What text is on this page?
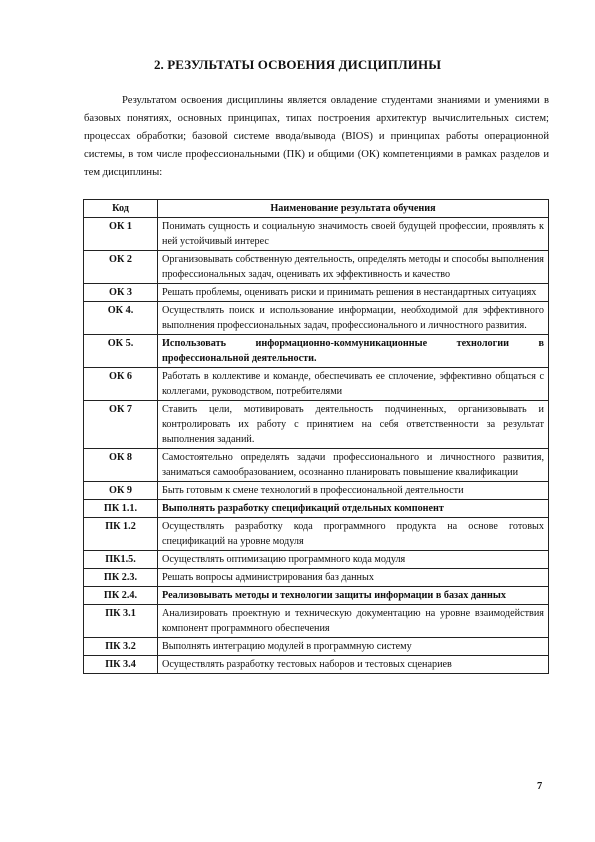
2. РЕЗУЛЬТАТЫ ОСВОЕНИЯ ДИСЦИПЛИНЫ

Результатом освоения дисциплины является овладение студентами знаниями и умениями в базовых понятиях, основных принципах, типах построения архитектур вычислительных систем; процессах обработки; базовой системе ввода/вывода (BIOS) и принципах работы операционной системы, в том числе профессиональными (ПК) и общими (ОК) компетенциями в рамках разделов и тем дисциплины:

Код	Наименование результата обучения
ОК 1	Понимать сущность и социальную значимость своей будущей профессии, проявлять к ней устойчивый интерес
ОК 2	Организовывать собственную деятельность, определять методы и способы выполнения профессиональных задач, оценивать их эффективность и качество
ОК 3	Решать проблемы, оценивать риски и принимать решения в нестандартных ситуациях
ОК 4.	Осуществлять поиск и использование информации, необходимой для эффективного выполнения профессиональных задач, профессионального и личностного развития.
ОК 5.	Использовать информационно-коммуникационные технологии в профессиональной деятельности.
ОК 6	Работать в коллективе и команде, обеспечивать ее сплочение, эффективно общаться с коллегами, руководством, потребителями
ОК 7	Ставить цели, мотивировать деятельность подчиненных, организовывать и контролировать их работу с принятием на себя ответственности за результат выполнения заданий.
ОК 8	Самостоятельно определять задачи профессионального и личностного развития, заниматься самообразованием, осознанно планировать повышение квалификации
ОК 9	Быть готовым к смене технологий в профессиональной деятельности
ПК 1.1.	Выполнять разработку спецификаций отдельных компонент
ПК 1.2	Осуществлять разработку кода программного продукта на основе готовых спецификаций на уровне модуля
ПК1.5.	Осуществлять оптимизацию программного кода модуля
ПК 2.3.	Решать вопросы администрирования баз данных
ПК 2.4.	Реализовывать методы и технологии защиты информации в базах данных
ПК 3.1	Анализировать проектную и техническую документацию на уровне взаимодействия компонент программного обеспечения
ПК 3.2	Выполнять интеграцию модулей в программную систему
ПК 3.4	Осуществлять разработку тестовых наборов и тестовых сценариев
7
